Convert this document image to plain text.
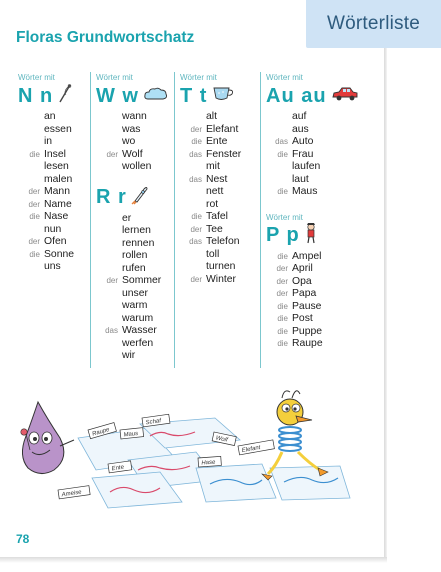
Wörterliste
Floras Grundwortschatz
Wörter mit
N n
an
essen
in
die Insel
lesen
malen
der Mann
der Name
die Nase
nun
der Ofen
die Sonne
uns
Wörter mit
W w
wann
was
wo
der Wolf
wollen
R r
er
lernen
rennen
rollen
rufen
der Sommer
unser
warm
warum
das Wasser
werfen
wir
Wörter mit
T t
alt
der Elefant
die Ente
das Fenster
mit
das Nest
nett
rot
die Tafel
der Tee
das Telefon
toll
turnen
der Winter
Wörter mit
Au au
auf
aus
das Auto
die Frau
laufen
laut
die Maus
Wörter mit
P p
die Ampel
der April
der Opa
der Papa
die Pause
die Post
die Puppe
die Raupe
Schaf
Maus
Wolf
Raupe
Ente
Hase
Elefant
Ameise
78
